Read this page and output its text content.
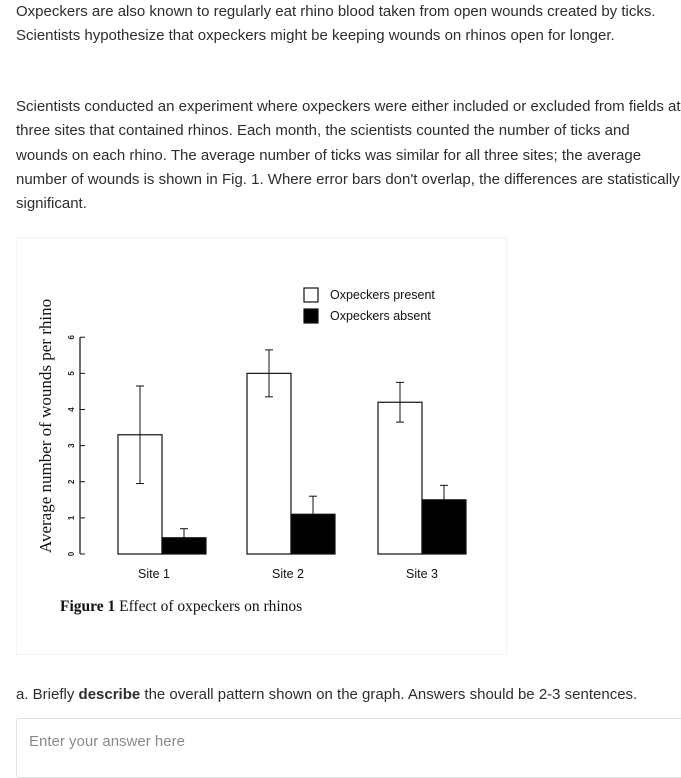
Oxpeckers are also known to regularly eat rhino blood taken from open wounds created by ticks. Scientists hypothesize that oxpeckers might be keeping wounds on rhinos open for longer.

Scientists conducted an experiment where oxpeckers were either included or excluded from fields at three sites that contained rhinos. Each month, the scientists counted the number of ticks and wounds on each rhino. The average number of ticks was similar for all three sites; the average number of wounds is shown in Fig. 1. Where error bars don't overlap, the differences are statistically significant.

0
1
2
3
4
5
6
Average number of wounds per rhino
Site 1	Site 2	Site 3
Oxpeckers present
Oxpeckers absent
Figure 1 Effect of oxpeckers on rhinos

a. Briefly describe the overall pattern shown on the graph. Answers should be 2-3 sentences.

Enter your answer here
